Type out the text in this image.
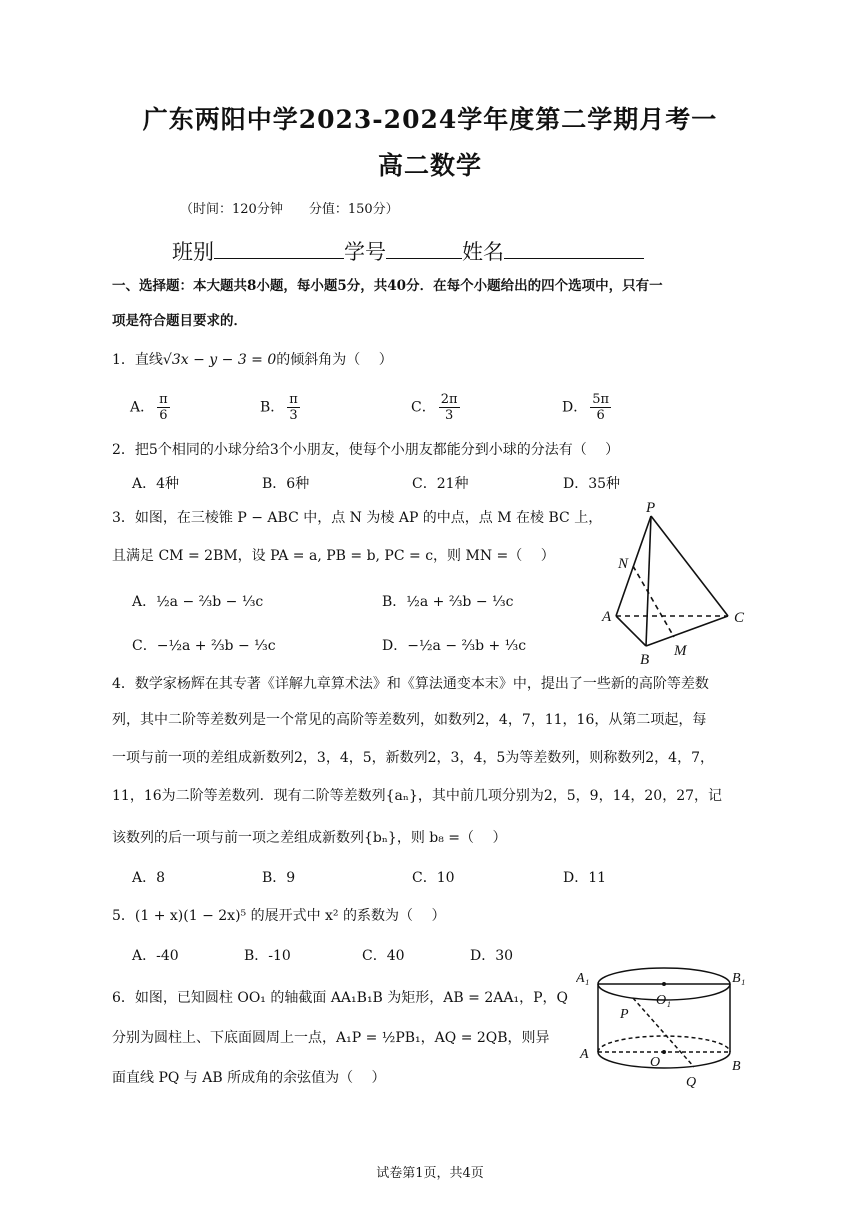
广东两阳中学2023-2024学年度第二学期月考一
高二数学
（时间：120分钟　　分值：150分）
班别	学号	姓名
一、选择题：本大题共8小题，每小题5分，共40分．在每个小题给出的四个选项中，只有一
项是符合题目要求的．
1．直线√3x − y − 3 = 0的倾斜角为（　 ）
A． $\frac{\pi}{6}$	B． $\frac{\pi}{3}$	C． $\frac{2\pi}{3}$	D． $\frac{5\pi}{6}$
2．把5个相同的小球分给3个小朋友，使每个小朋友都能分到小球的分法有（　 ）
A．4种	B．6种	C．21种	D．35种
3．如图，在三棱锥 P − ABC 中，点 N 为棱 AP 的中点，点 M 在棱 BC 上，
且满足 CM = 2BM，设 PA = a, PB = b, PC = c，则 MN =（　 ）
A．½a − ⅔b − ⅓c	B．½a + ⅔b − ⅓c
C．−½a + ⅔b − ⅓c	D．−½a − ⅔b + ⅓c
P
N
A
B
C
M
4．数学家杨辉在其专著《详解九章算术法》和《算法通变本末》中，提出了一些新的高阶等差数
列，其中二阶等差数列是一个常见的高阶等差数列，如数列2，4，7，11，16，从第二项起，每
一项与前一项的差组成新数列2，3，4，5，新数列2，3，4，5为等差数列，则称数列2，4，7，
11，16为二阶等差数列．现有二阶等差数列{aₙ}，其中前几项分别为2，5，9，14，20，27，记
该数列的后一项与前一项之差组成新数列{bₙ}，则 b₈ =（　 ）
A．8	B．9	C．10	D．11
5．(1 + x)(1 − 2x)⁵ 的展开式中 x² 的系数为（　 ）
A．-40	B．-10	C．40	D．30
6．如图，已知圆柱 OO₁ 的轴截面 AA₁B₁B 为矩形，AB = 2AA₁，P，Q
分别为圆柱上、下底面圆周上一点，A₁P = ½PB₁，AQ = 2QB，则异
面直线 PQ 与 AB 所成角的余弦值为（　 ）
A₁	B₁
O₁
P
A
O	B
Q
试卷第1页，共4页
